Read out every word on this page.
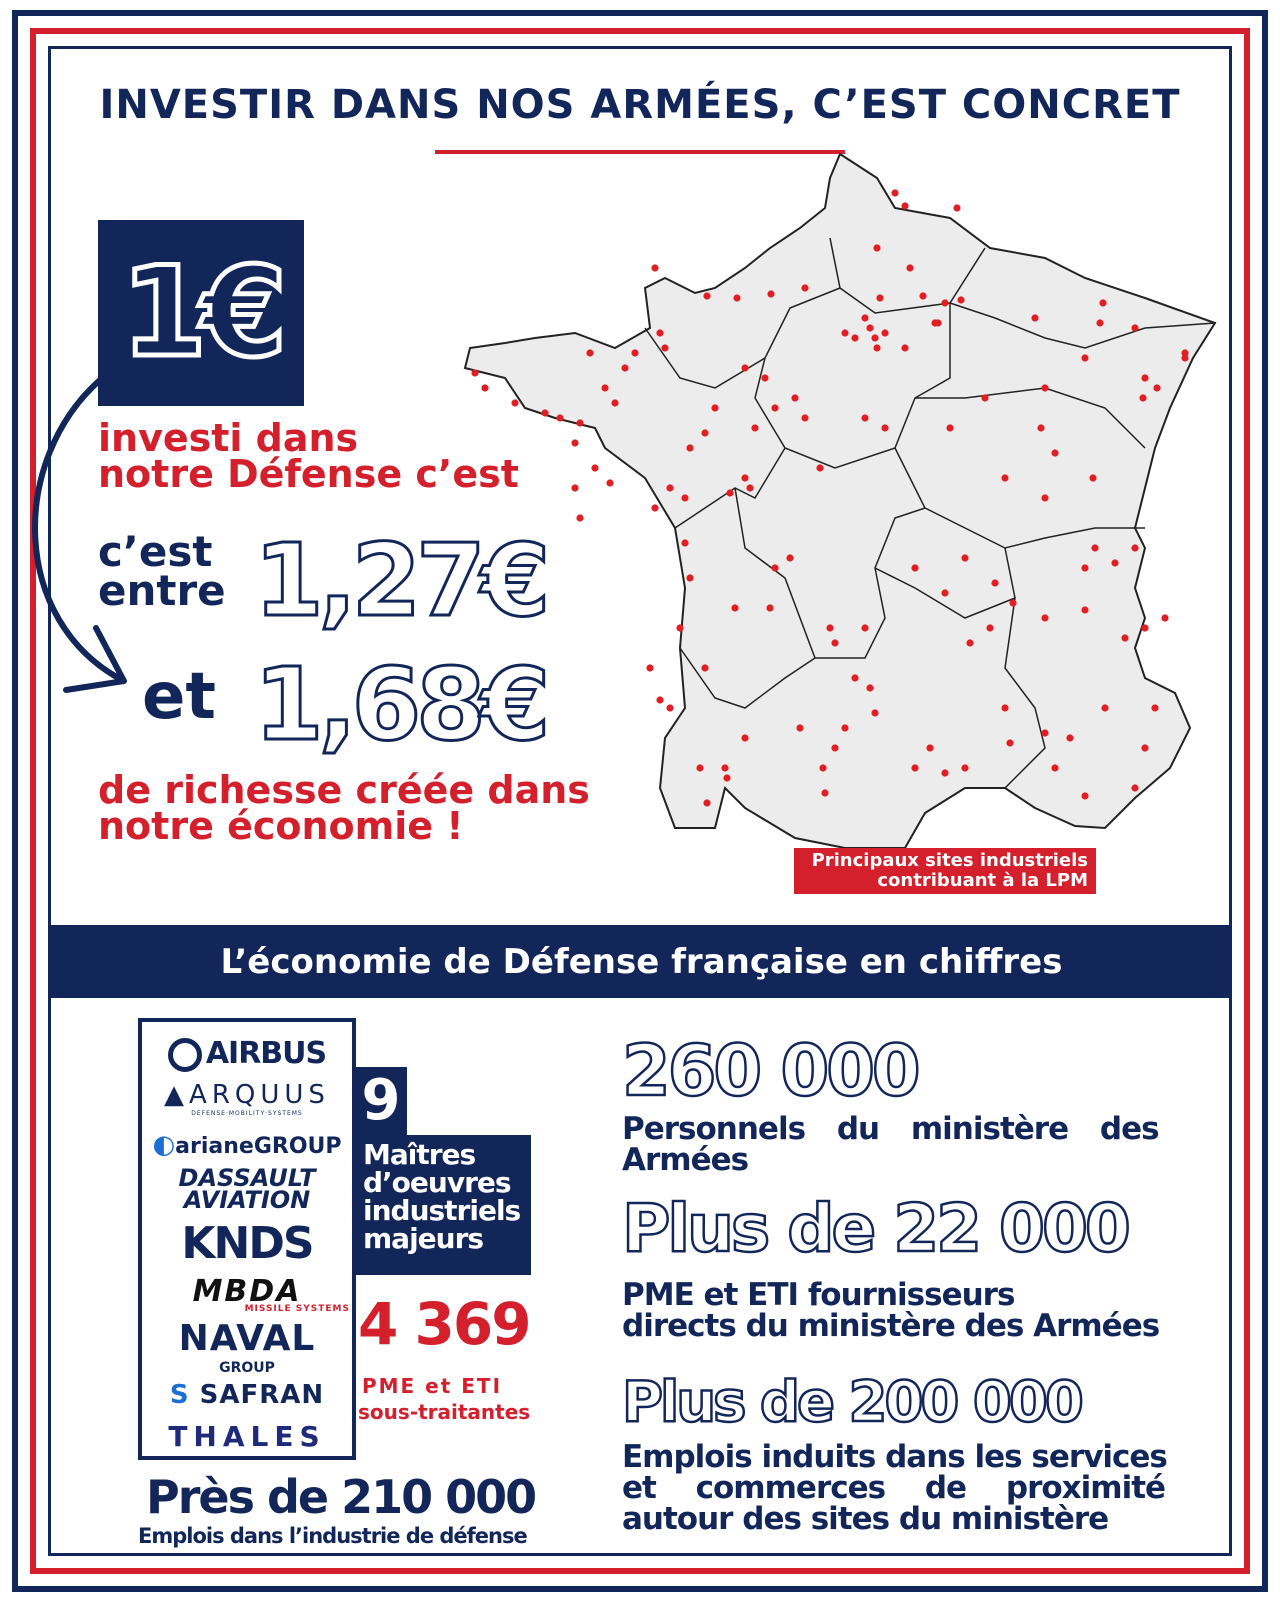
INVESTIR DANS NOS ARMÉES, C’EST CONCRET
1€
investi dans
notre Défense c’est
c’est
entre 1,27€
et 1,68€
de richesse créée dans
notre économie !
Principaux sites industriels
contribuant à la LPM
L’économie de Défense française en chiffres
AIRBUS
▲ARQUUS
DEFENSE·MOBILITY·SYSTEMS
◐arianeGROUP
DASSAULT
AVIATION
KNDS
MBDA
MISSILE SYSTEMS
NAVAL
GROUP
S SAFRAN
THALES
9
Maîtres
d’oeuvres
industriels
majeurs
4 369
PME et ETI
sous-traitantes
Près de 210 000
Emplois dans l’industrie de défense
260 000
Personnels du ministère des
Armées
Plus de 22 000
PME et ETI fournisseurs
directs du ministère des Armées
Plus de 200 000
Emplois induits dans les services
et commerces de proximité
autour des sites du ministère
